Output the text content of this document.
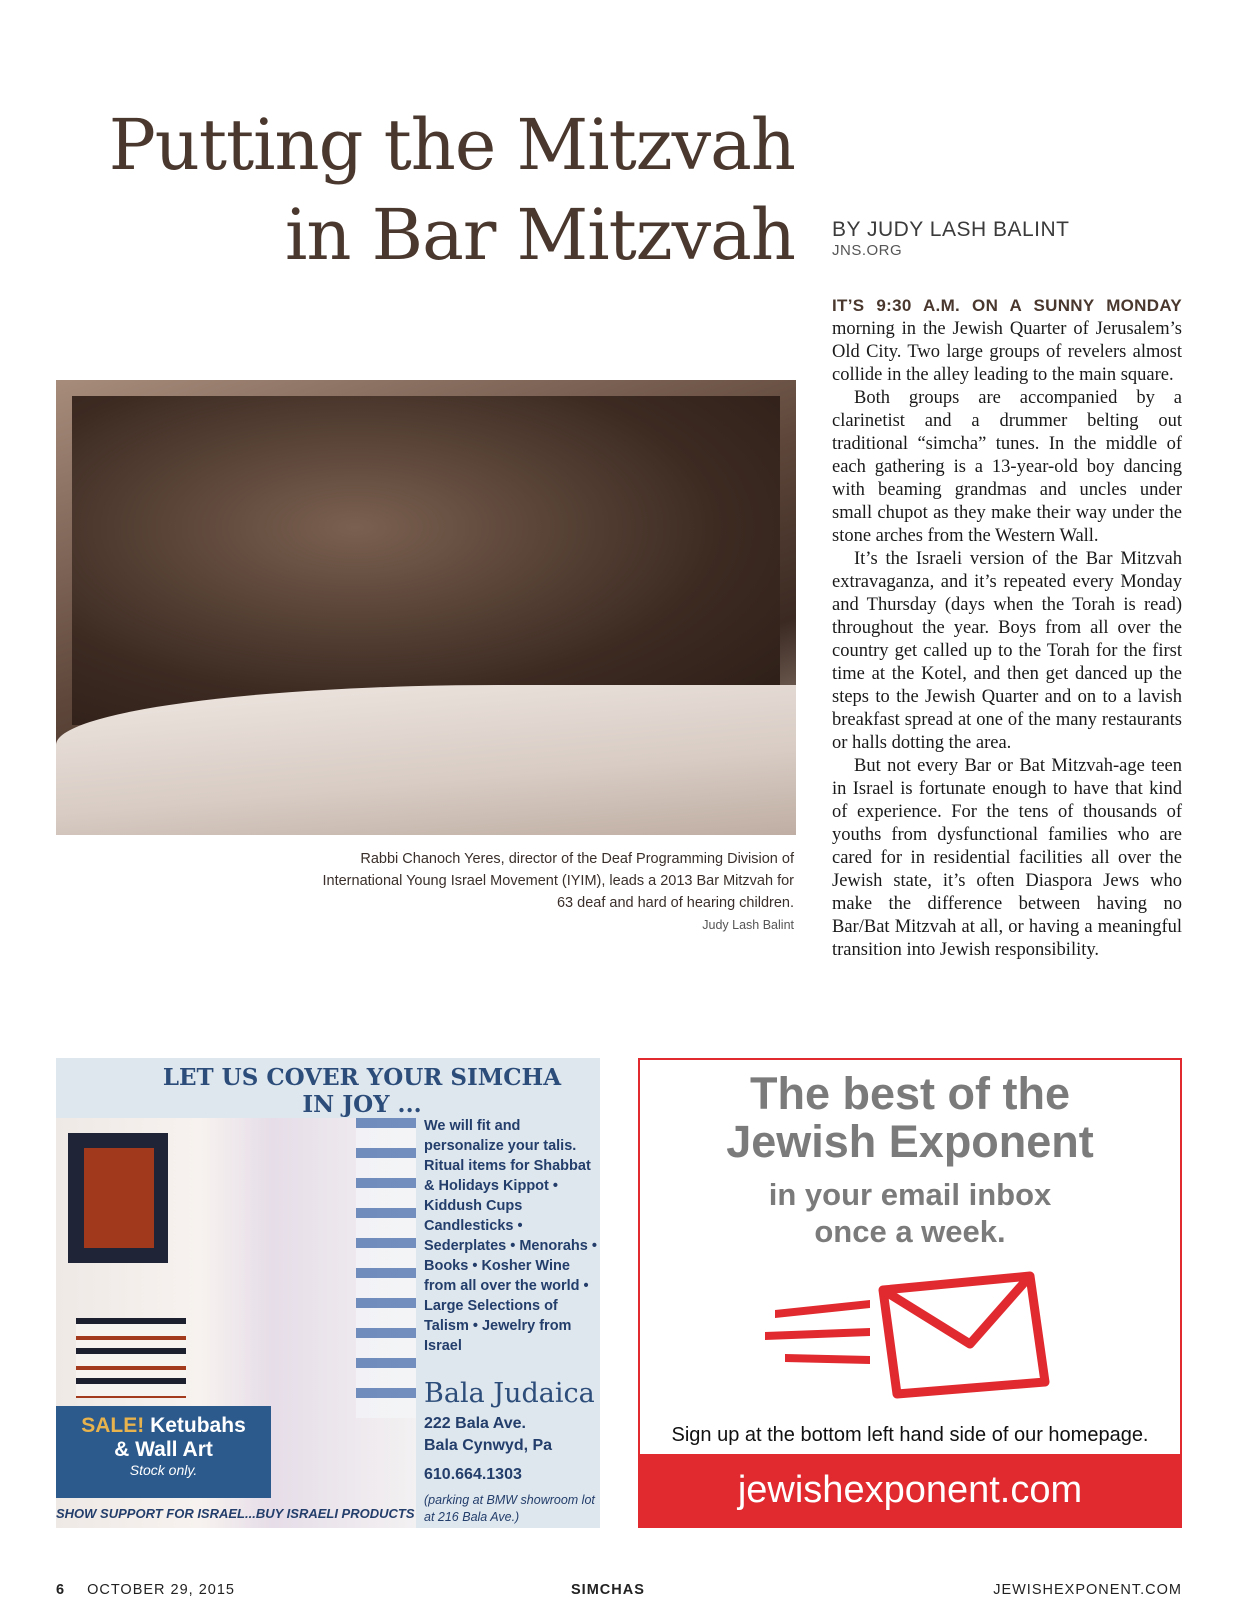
Putting the Mitzvah
in Bar Mitzvah BY JUDY LASH BALINT
JNS.ORG

IT’S 9:30 A.M. ON A SUNNY MONDAY morning in the Jewish Quarter of Jerusalem’s Old City. Two large groups of revelers almost collide in the alley leading to the main square.

Both groups are accompanied by a clarinetist and a drummer belting out traditional “simcha” tunes. In the middle of each gathering is a 13-year-old boy dancing with beaming grandmas and uncles under small chupot as they make their way under the stone arches from the Western Wall.

It’s the Israeli version of the Bar Mitzvah extravaganza, and it’s repeated every Monday and Thursday (days when the Torah is read) throughout the year. Boys from all over the country get called up to the Torah for the first time at the Kotel, and then get danced up the steps to the Jewish Quarter and on to a lavish breakfast spread at one of the many restaurants or halls dotting the area.

But not every Bar or Bat Mitzvah-age teen in Israel is fortunate enough to have that kind of experience. For the tens of thousands of youths from dysfunctional families who are cared for in residential facilities all over the Jewish state, it’s often Diaspora Jews who make the difference between having no Bar/Bat Mitzvah at all, or having a meaningful transition into Jewish responsibility.

Rabbi Chanoch Yeres, director of the Deaf Programming Division of International Young Israel Movement (IYIM), leads a 2013 Bar Mitzvah for 63 deaf and hard of hearing children.
Judy Lash Balint
LET US COVER YOUR SIMCHA
IN JOY ...
We will fit and personalize your talis. Ritual items for Shabbat & Holidays Kippot • Kiddush Cups Candlesticks • Sederplates • Menorahs • Books • Kosher Wine from all over the world • Large Selections of Talism • Jewelry from Israel
Bala Judaica
222 Bala Ave.
Bala Cynwyd, Pa
610.664.1303
(parking at BMW showroom lot at 216 Bala Ave.)
SALE! Ketubahs
& Wall Art
Stock only.
SHOW SUPPORT FOR ISRAEL...BUY ISRAELI PRODUCTS
The best of the
Jewish Exponent
in your email inbox
once a week.
Sign up at the bottom left hand side of our homepage.
jewishexponent.com
6 OCTOBER 29, 2015	SIMCHAS	JEWISHEXPONENT.COM
